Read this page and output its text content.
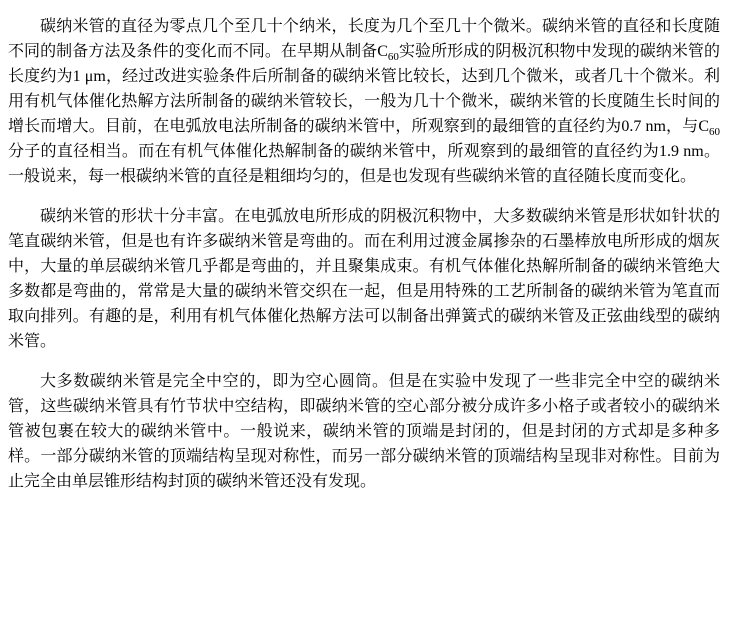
碳纳米管的直径为零点几个至几十个纳米，长度为几个至几十个微米。碳纳米管的直径和长度随不同的制备方法及条件的变化而不同。在早期从制备$C_{60}$实验所形成的阴极沉积物中发现的碳纳米管的长度约为1 μm，经过改进实验条件后所制备的碳纳米管比较长，达到几个微米，或者几十个微米。利用有机气体催化热解方法所制备的碳纳米管较长，一般为几十个微米，碳纳米管的长度随生长时间的增长而增大。目前，在电弧放电法所制备的碳纳米管中，所观察到的最细管的直径约为0.7 nm，与$C_{60}$分子的直径相当。而在有机气体催化热解制备的碳纳米管中，所观察到的最细管的直径约为1.9 nm。一般说来，每一根碳纳米管的直径是粗细均匀的，但是也发现有些碳纳米管的直径随长度而变化。

碳纳米管的形状十分丰富。在电弧放电所形成的阴极沉积物中，大多数碳纳米管是形状如针状的笔直碳纳米管，但是也有许多碳纳米管是弯曲的。而在利用过渡金属掺杂的石墨棒放电所形成的烟灰中，大量的单层碳纳米管几乎都是弯曲的，并且聚集成束。有机气体催化热解所制备的碳纳米管绝大多数都是弯曲的，常常是大量的碳纳米管交织在一起，但是用特殊的工艺所制备的碳纳米管为笔直而取向排列。有趣的是，利用有机气体催化热解方法可以制备出弹簧式的碳纳米管及正弦曲线型的碳纳米管。

大多数碳纳米管是完全中空的，即为空心圆筒。但是在实验中发现了一些非完全中空的碳纳米管，这些碳纳米管具有竹节状中空结构，即碳纳米管的空心部分被分成许多小格子或者较小的碳纳米管被包裹在较大的碳纳米管中。一般说来，碳纳米管的顶端是封闭的，但是封闭的方式却是多种多样。一部分碳纳米管的顶端结构呈现对称性，而另一部分碳纳米管的顶端结构呈现非对称性。目前为止完全由单层锥形结构封顶的碳纳米管还没有发现。
